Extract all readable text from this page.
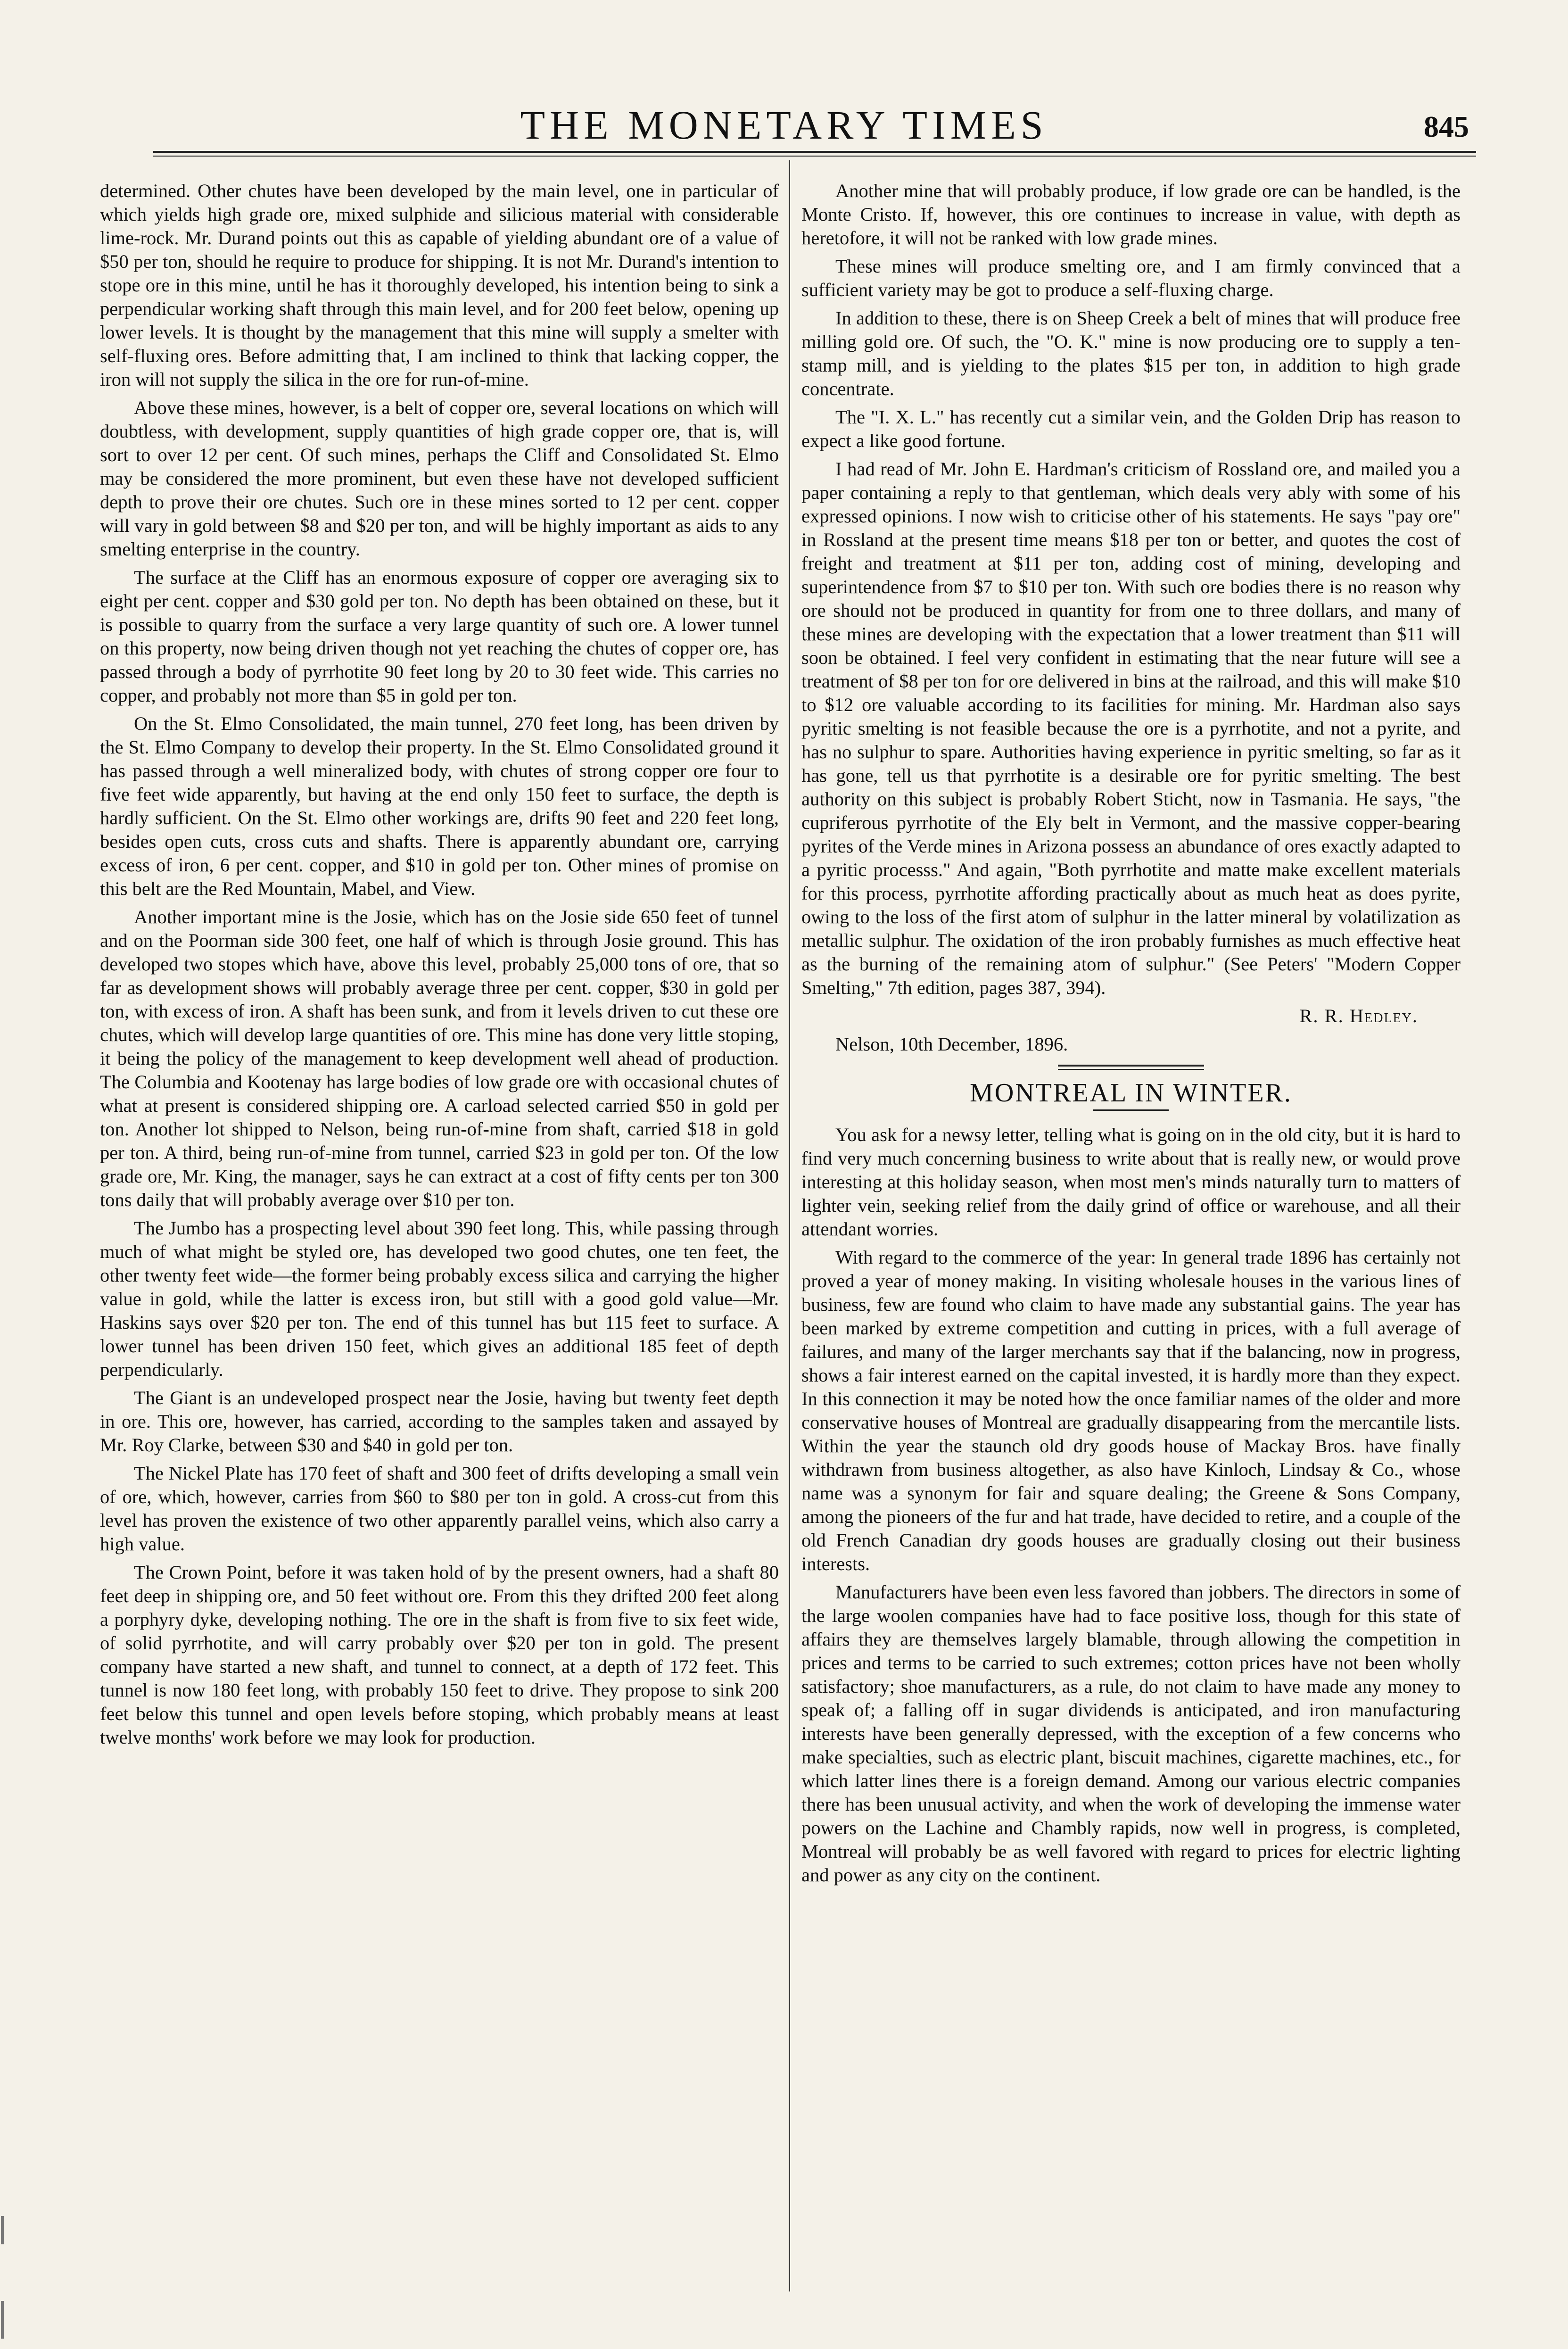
THE MONETARY TIMES	845

determined. Other chutes have been developed by the main level, one in particular of which yields high grade ore, mixed sulphide and silicious material with considerable lime-rock. Mr. Durand points out this as capable of yielding abundant ore of a value of $50 per ton, should he require to produce for shipping. It is not Mr. Durand's intention to stope ore in this mine, until he has it thoroughly developed, his intention being to sink a perpendicular working shaft through this main level, and for 200 feet below, opening up lower levels. It is thought by the management that this mine will supply a smelter with self-fluxing ores. Before admitting that, I am inclined to think that lacking copper, the iron will not supply the silica in the ore for run-of-mine.

Above these mines, however, is a belt of copper ore, several locations on which will doubtless, with development, supply quantities of high grade copper ore, that is, will sort to over 12 per cent. Of such mines, perhaps the Cliff and Consolidated St. Elmo may be considered the more prominent, but even these have not developed sufficient depth to prove their ore chutes. Such ore in these mines sorted to 12 per cent. copper will vary in gold between $8 and $20 per ton, and will be highly important as aids to any smelting enterprise in the country.

The surface at the Cliff has an enormous exposure of copper ore averaging six to eight per cent. copper and $30 gold per ton. No depth has been obtained on these, but it is possible to quarry from the surface a very large quantity of such ore. A lower tunnel on this property, now being driven though not yet reaching the chutes of copper ore, has passed through a body of pyrrhotite 90 feet long by 20 to 30 feet wide. This carries no copper, and probably not more than $5 in gold per ton.

On the St. Elmo Consolidated, the main tunnel, 270 feet long, has been driven by the St. Elmo Company to develop their property. In the St. Elmo Consolidated ground it has passed through a well mineralized body, with chutes of strong copper ore four to five feet wide apparently, but having at the end only 150 feet to surface, the depth is hardly sufficient. On the St. Elmo other workings are, drifts 90 feet and 220 feet long, besides open cuts, cross cuts and shafts. There is apparently abundant ore, carrying excess of iron, 6 per cent. copper, and $10 in gold per ton. Other mines of promise on this belt are the Red Mountain, Mabel, and View.

Another important mine is the Josie, which has on the Josie side 650 feet of tunnel and on the Poorman side 300 feet, one half of which is through Josie ground. This has developed two stopes which have, above this level, probably 25,000 tons of ore, that so far as development shows will probably average three per cent. copper, $30 in gold per ton, with excess of iron. A shaft has been sunk, and from it levels driven to cut these ore chutes, which will develop large quantities of ore. This mine has done very little stoping, it being the policy of the management to keep development well ahead of production. The Columbia and Kootenay has large bodies of low grade ore with occasional chutes of what at present is considered shipping ore. A carload selected carried $50 in gold per ton. Another lot shipped to Nelson, being run-of-mine from shaft, carried $18 in gold per ton. A third, being run-of-mine from tunnel, carried $23 in gold per ton. Of the low grade ore, Mr. King, the manager, says he can extract at a cost of fifty cents per ton 300 tons daily that will probably average over $10 per ton.

The Jumbo has a prospecting level about 390 feet long. This, while passing through much of what might be styled ore, has developed two good chutes, one ten feet, the other twenty feet wide—the former being probably excess silica and carrying the higher value in gold, while the latter is excess iron, but still with a good gold value—Mr. Haskins says over $20 per ton. The end of this tunnel has but 115 feet to surface. A lower tunnel has been driven 150 feet, which gives an additional 185 feet of depth perpendicularly.

The Giant is an undeveloped prospect near the Josie, having but twenty feet depth in ore. This ore, however, has carried, according to the samples taken and assayed by Mr. Roy Clarke, between $30 and $40 in gold per ton.

The Nickel Plate has 170 feet of shaft and 300 feet of drifts developing a small vein of ore, which, however, carries from $60 to $80 per ton in gold. A cross-cut from this level has proven the existence of two other apparently parallel veins, which also carry a high value.

The Crown Point, before it was taken hold of by the present owners, had a shaft 80 feet deep in shipping ore, and 50 feet without ore. From this they drifted 200 feet along a porphyry dyke, developing nothing. The ore in the shaft is from five to six feet wide, of solid pyrrhotite, and will carry probably over $20 per ton in gold. The present company have started a new shaft, and tunnel to connect, at a depth of 172 feet. This tunnel is now 180 feet long, with probably 150 feet to drive. They propose to sink 200 feet below this tunnel and open levels before stoping, which probably means at least twelve months' work before we may look for production.

Another mine that will probably produce, if low grade ore can be handled, is the Monte Cristo. If, however, this ore continues to increase in value, with depth as heretofore, it will not be ranked with low grade mines.

These mines will produce smelting ore, and I am firmly convinced that a sufficient variety may be got to produce a self-fluxing charge.

In addition to these, there is on Sheep Creek a belt of mines that will produce free milling gold ore. Of such, the "O. K." mine is now producing ore to supply a ten-stamp mill, and is yielding to the plates $15 per ton, in addition to high grade concentrate.

The "I. X. L." has recently cut a similar vein, and the Golden Drip has reason to expect a like good fortune.

I had read of Mr. John E. Hardman's criticism of Rossland ore, and mailed you a paper containing a reply to that gentleman, which deals very ably with some of his expressed opinions. I now wish to criticise other of his statements. He says "pay ore" in Rossland at the present time means $18 per ton or better, and quotes the cost of freight and treatment at $11 per ton, adding cost of mining, developing and superintendence from $7 to $10 per ton. With such ore bodies there is no reason why ore should not be produced in quantity for from one to three dollars, and many of these mines are developing with the expectation that a lower treatment than $11 will soon be obtained. I feel very confident in estimating that the near future will see a treatment of $8 per ton for ore delivered in bins at the railroad, and this will make $10 to $12 ore valuable according to its facilities for mining. Mr. Hardman also says pyritic smelting is not feasible because the ore is a pyrrhotite, and not a pyrite, and has no sulphur to spare. Authorities having experience in pyritic smelting, so far as it has gone, tell us that pyrrhotite is a desirable ore for pyritic smelting. The best authority on this subject is probably Robert Sticht, now in Tasmania. He says, "the cupriferous pyrrhotite of the Ely belt in Vermont, and the massive copper-bearing pyrites of the Verde mines in Arizona possess an abundance of ores exactly adapted to a pyritic processs." And again, "Both pyrrhotite and matte make excellent materials for this process, pyrrhotite affording practically about as much heat as does pyrite, owing to the loss of the first atom of sulphur in the latter mineral by volatilization as metallic sulphur. The oxidation of the iron probably furnishes as much effective heat as the burning of the remaining atom of sulphur." (See Peters' "Modern Copper Smelting," 7th edition, pages 387, 394).

R. R. Hedley.

Nelson, 10th December, 1896.

MONTREAL IN WINTER.

You ask for a newsy letter, telling what is going on in the old city, but it is hard to find very much concerning business to write about that is really new, or would prove interesting at this holiday season, when most men's minds naturally turn to matters of lighter vein, seeking relief from the daily grind of office or warehouse, and all their attendant worries.

With regard to the commerce of the year: In general trade 1896 has certainly not proved a year of money making. In visiting wholesale houses in the various lines of business, few are found who claim to have made any substantial gains. The year has been marked by extreme competition and cutting in prices, with a full average of failures, and many of the larger merchants say that if the balancing, now in progress, shows a fair interest earned on the capital invested, it is hardly more than they expect. In this connection it may be noted how the once familiar names of the older and more conservative houses of Montreal are gradually disappearing from the mercantile lists. Within the year the staunch old dry goods house of Mackay Bros. have finally withdrawn from business altogether, as also have Kinloch, Lindsay & Co., whose name was a synonym for fair and square dealing; the Greene & Sons Company, among the pioneers of the fur and hat trade, have decided to retire, and a couple of the old French Canadian dry goods houses are gradually closing out their business interests.

Manufacturers have been even less favored than jobbers. The directors in some of the large woolen companies have had to face positive loss, though for this state of affairs they are themselves largely blamable, through allowing the competition in prices and terms to be carried to such extremes; cotton prices have not been wholly satisfactory; shoe manufacturers, as a rule, do not claim to have made any money to speak of; a falling off in sugar dividends is anticipated, and iron manufacturing interests have been generally depressed, with the exception of a few concerns who make specialties, such as electric plant, biscuit machines, cigarette machines, etc., for which latter lines there is a foreign demand. Among our various electric companies there has been unusual activity, and when the work of developing the immense water powers on the Lachine and Chambly rapids, now well in progress, is completed, Montreal will probably be as well favored with regard to prices for electric lighting and power as any city on the continent.
